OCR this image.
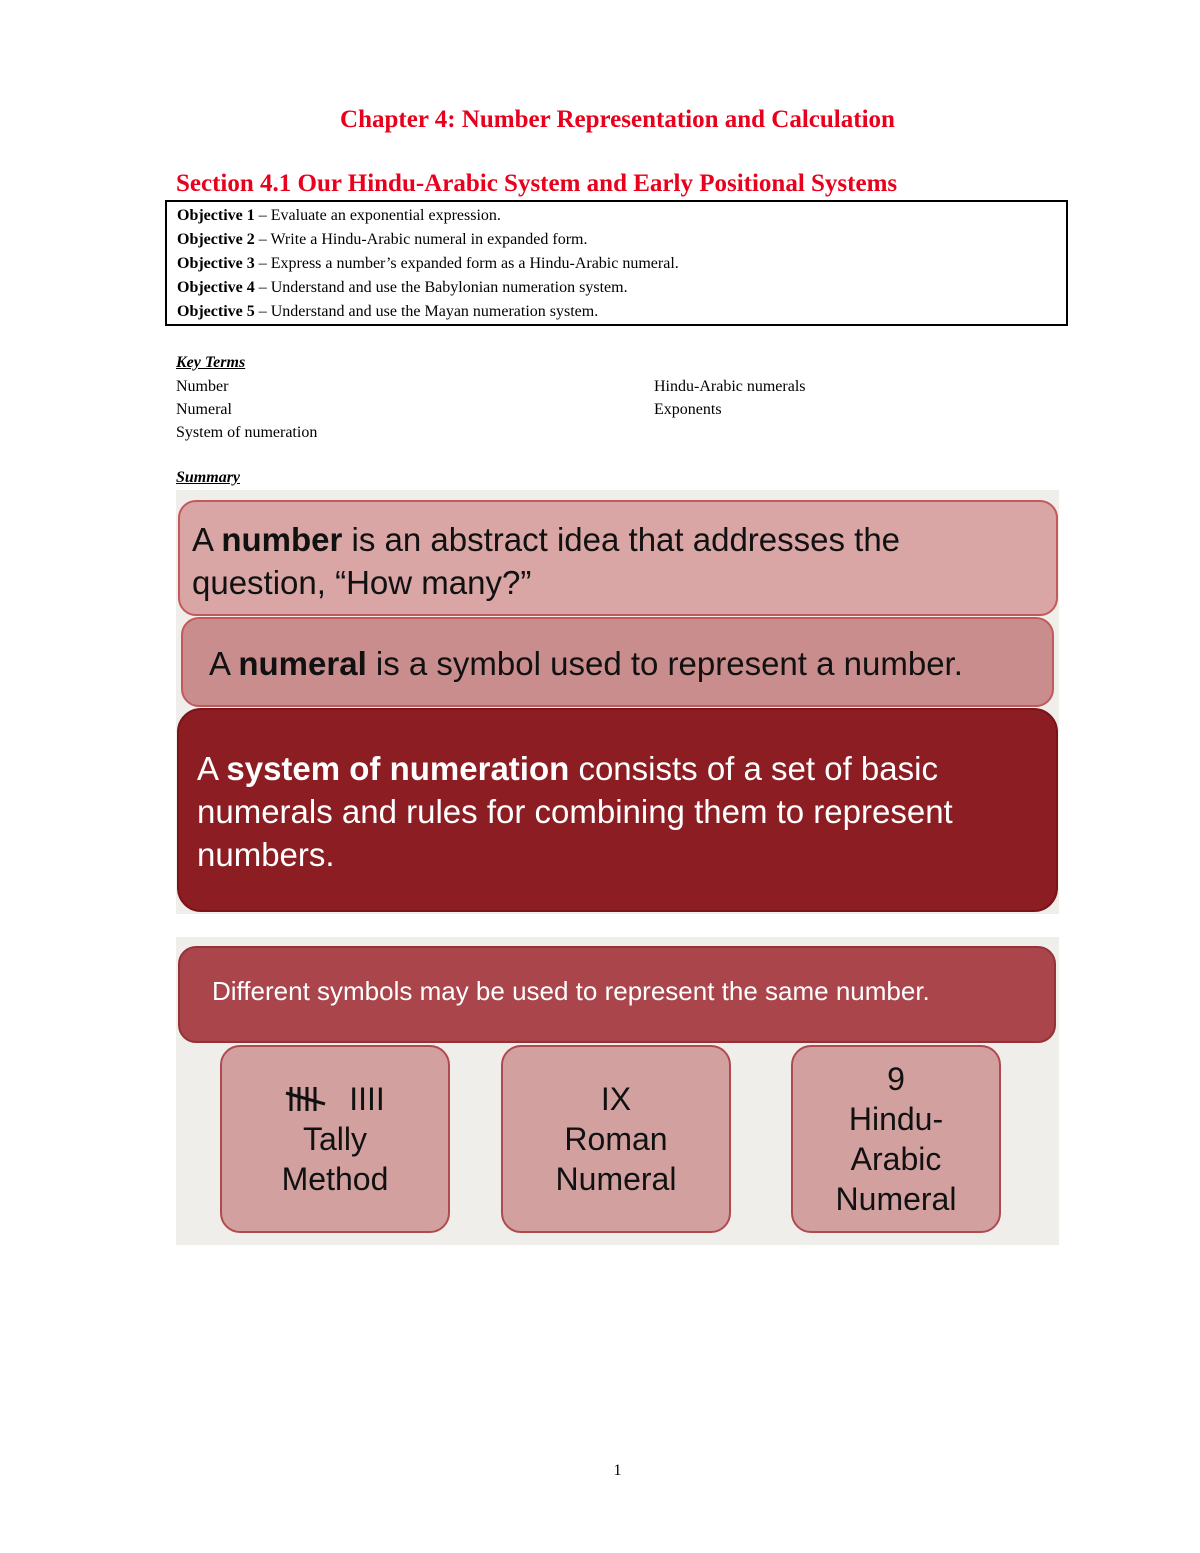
Chapter 4: Number Representation and Calculation
Section 4.1 Our Hindu-Arabic System and Early Positional Systems
Objective 1 – Evaluate an exponential expression.
Objective 2 – Write a Hindu-Arabic numeral in expanded form.
Objective 3 – Express a number’s expanded form as a Hindu-Arabic numeral.
Objective 4 – Understand and use the Babylonian numeration system.
Objective 5 – Understand and use the Mayan numeration system.
Key Terms
Number
Numeral
System of numeration
Hindu-Arabic numerals
Exponents
Summary
A number is an abstract idea that addresses the
question, “How many?”
A numeral is a symbol used to represent a number.
A system of numeration consists of a set of basic
numerals and rules for combining them to represent
numbers.
Different symbols may be used to represent the same number.
IIII
Tally
Method
IX
Roman
Numeral
9
Hindu-
Arabic
Numeral
1
